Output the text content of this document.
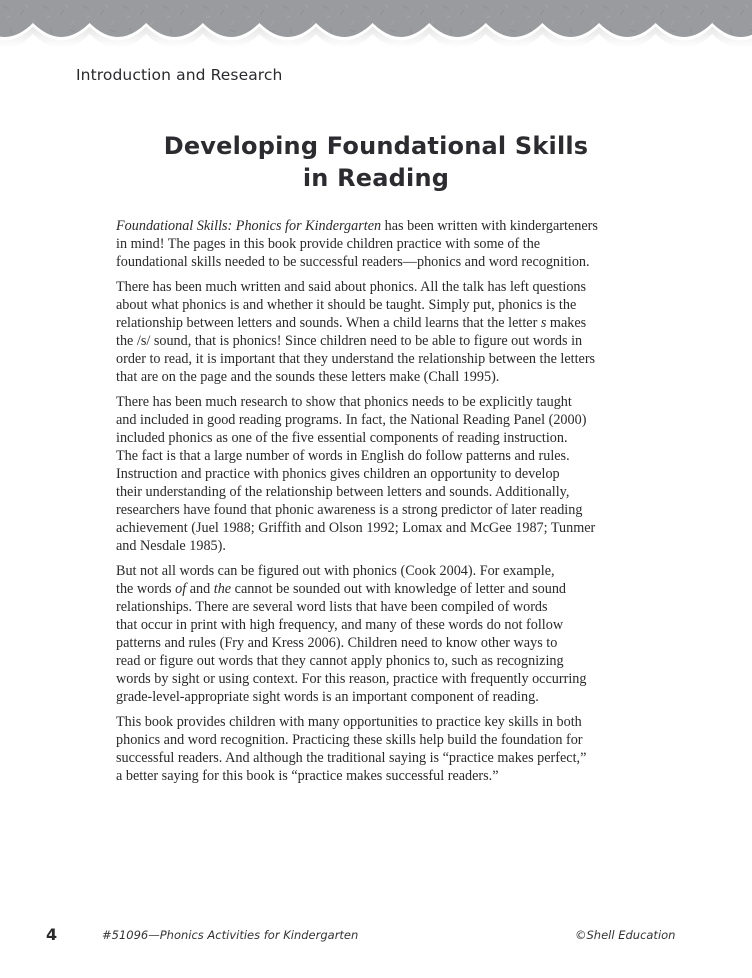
Introduction and Research
Developing Foundational Skills
in Reading

Foundational Skills: Phonics for Kindergarten has been written with kindergarteners
in mind! The pages in this book provide children practice with some of the
foundational skills needed to be successful readers—phonics and word recognition.

There has been much written and said about phonics. All the talk has left questions
about what phonics is and whether it should be taught. Simply put, phonics is the
relationship between letters and sounds. When a child learns that the letter s makes
the /s/ sound, that is phonics! Since children need to be able to figure out words in
order to read, it is important that they understand the relationship between the letters
that are on the page and the sounds these letters make (Chall 1995).

There has been much research to show that phonics needs to be explicitly taught
and included in good reading programs. In fact, the National Reading Panel (2000)
included phonics as one of the five essential components of reading instruction.
The fact is that a large number of words in English do follow patterns and rules.
Instruction and practice with phonics gives children an opportunity to develop
their understanding of the relationship between letters and sounds. Additionally,
researchers have found that phonic awareness is a strong predictor of later reading
achievement (Juel 1988; Griffith and Olson 1992; Lomax and McGee 1987; Tunmer
and Nesdale 1985).

But not all words can be figured out with phonics (Cook 2004). For example,
the words of and the cannot be sounded out with knowledge of letter and sound
relationships. There are several word lists that have been compiled of words
that occur in print with high frequency, and many of these words do not follow
patterns and rules (Fry and Kress 2006). Children need to know other ways to
read or figure out words that they cannot apply phonics to, such as recognizing
words by sight or using context. For this reason, practice with frequently occurring
grade-level-appropriate sight words is an important component of reading.

This book provides children with many opportunities to practice key skills in both
phonics and word recognition. Practicing these skills help build the foundation for
successful readers. And although the traditional saying is “practice makes perfect,”
a better saying for this book is “practice makes successful readers.”

4	#51096—Phonics Activities for Kindergarten	©Shell Education
